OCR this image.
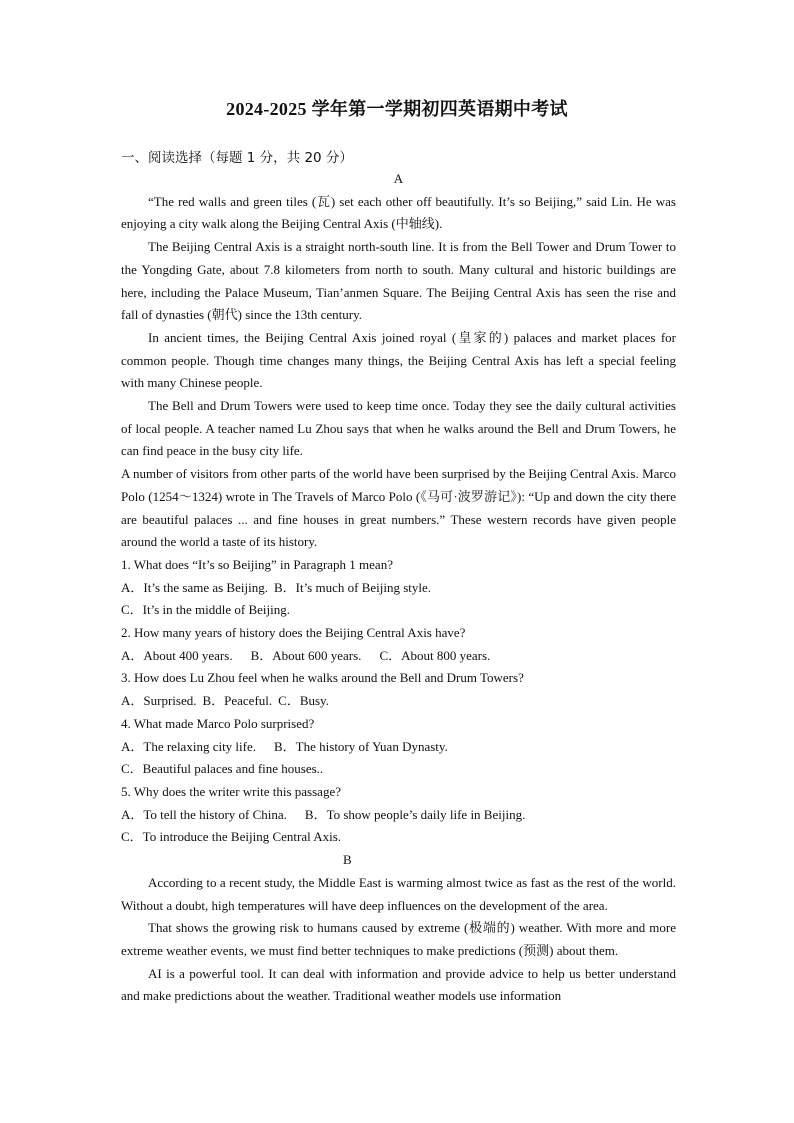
2024-2025 学年第一学期初四英语期中考试
一、阅读选择（每题 1 分，共 20 分）
A

“The red walls and green tiles (瓦) set each other off beautifully. It’s so Beijing,” said Lin. He was enjoying a city walk along the Beijing Central Axis (中轴线).

The Beijing Central Axis is a straight north-south line. It is from the Bell Tower and Drum Tower to the Yongding Gate, about 7.8 kilometers from north to south. Many cultural and historic buildings are here, including the Palace Museum, Tian’anmen Square. The Beijing Central Axis has seen the rise and fall of dynasties (朝代) since the 13th century.

In ancient times, the Beijing Central Axis joined royal (皇家的) palaces and market places for common people. Though time changes many things, the Beijing Central Axis has left a special feeling with many Chinese people.

The Bell and Drum Towers were used to keep time once. Today they see the daily cultural activities of local people. A teacher named Lu Zhou says that when he walks around the Bell and Drum Towers, he can find peace in the busy city life.

A number of visitors from other parts of the world have been surprised by the Beijing Central Axis. Marco Polo (1254～1324) wrote in The Travels of Marco Polo (《马可·波罗游记》): “Up and down the city there are beautiful palaces ... and fine houses in great numbers.” These western records have given people around the world a taste of its history.

1. What does “It’s so Beijing” in Paragraph 1 mean?

A．It’s the same as Beijing. B．It’s much of Beijing style.

C．It’s in the middle of Beijing.

2. How many years of history does the Beijing Central Axis have?

A．About 400 years. B．About 600 years. C．About 800 years.

3. How does Lu Zhou feel when he walks around the Bell and Drum Towers?

A．Surprised. B．Peaceful. C．Busy.

4. What made Marco Polo surprised?

A．The relaxing city life. B．The history of Yuan Dynasty.

C．Beautiful palaces and fine houses..

5. Why does the writer write this passage?

A．To tell the history of China. B．To show people’s daily life in Beijing.

C．To introduce the Beijing Central Axis.

B

According to a recent study, the Middle East is warming almost twice as fast as the rest of the world. Without a doubt, high temperatures will have deep influences on the development of the area.

That shows the growing risk to humans caused by extreme (极端的) weather. With more and more extreme weather events, we must find better techniques to make predictions (预测) about them.

AI is a powerful tool. It can deal with information and provide advice to help us better understand and make predictions about the weather. Traditional weather models use information
